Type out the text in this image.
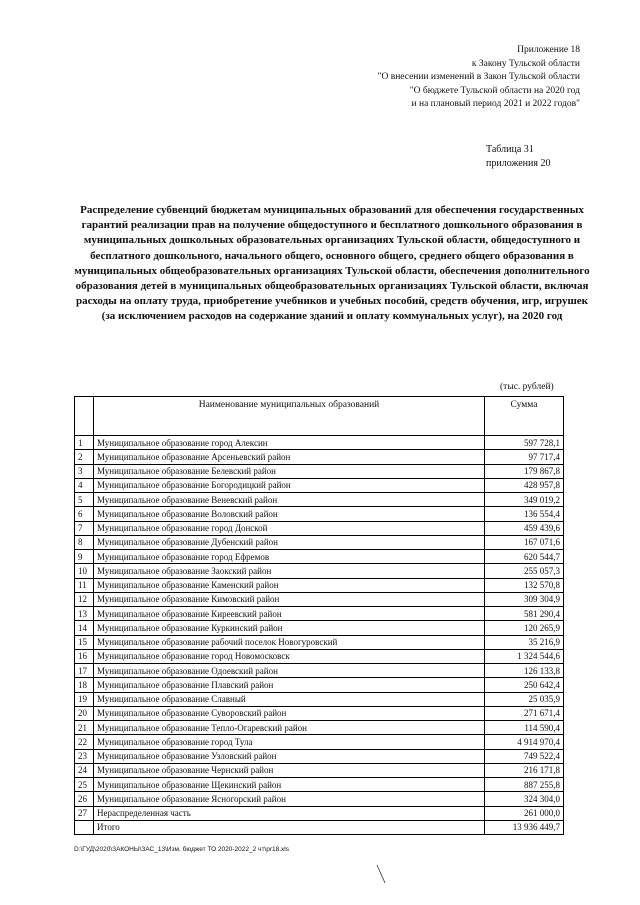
Приложение 18
к Закону Тульской области
"О внесении изменений в Закон Тульской области
"О бюджете Тульской области на 2020 год
и на плановый период 2021 и 2022 годов"
Таблица 31
приложения 20
Распределение субвенций бюджетам муниципальных образований для обеспечения государственных гарантий реализации прав на получение общедоступного и бесплатного дошкольного образования в муниципальных дошкольных образовательных организациях Тульской области, общедоступного и бесплатного дошкольного, начального общего, основного общего, среднего общего образования в муниципальных общеобразовательных организациях Тульской области, обеспечения дополнительного образования детей в муниципальных общеобразовательных организациях Тульской области, включая расходы на оплату труда, приобретение учебников и учебных пособий, средств обучения, игр, игрушек (за исключением расходов на содержание зданий и оплату коммунальных услуг), на 2020 год
(тыс. рублей)
	Наименование муниципальных образований	Сумма
1	Муниципальное образование город Алексин	597 728,1
2	Муниципальное образование Арсеньевский район	97 717,4
3	Муниципальное образование Белевский район	179 867,8
4	Муниципальное образование Богородицкий район	428 957,8
5	Муниципальное образование Веневский район	349 019,2
6	Муниципальное образование Воловский район	136 554,4
7	Муниципальное образование город Донской	459 439,6
8	Муниципальное образование Дубенский район	167 071,6
9	Муниципальное образование город Ефремов	620 544,7
10	Муниципальное образование Заокский район	255 057,3
11	Муниципальное образование Каменский район	132 570,8
12	Муниципальное образование Кимовский район	309 304,9
13	Муниципальное образование Киреевский район	581 290,4
14	Муниципальное образование Куркинский район	120 265,9
15	Муниципальное образование рабочий поселок Новогуровский	35 216,9
16	Муниципальное образование город Новомосковск	1 324 544,6
17	Муниципальное образование Одоевский район	126 133,8
18	Муниципальное образование Плавский район	250 642,4
19	Муниципальное образование Славный	25 035,9
20	Муниципальное образование Суворовский район	271 671,4
21	Муниципальное образование Тепло-Огаревский район	114 590,4
22	Муниципальное образование город Тула	4 914 970,4
23	Муниципальное образование Узловский район	749 522,4
24	Муниципальное образование Чернский район	216 171,8
25	Муниципальное образование Щекинский район	887 255,8
26	Муниципальное образование Ясногорский район	324 304,0
27	Нераспределенная часть	261 000,0
	Итого	13 936 449,7
D:\ГУД\2020\ЗАКОНЫ\ЗАС_13\Изм. бюджет ТО 2020-2022_2 чт\pr18.xls
